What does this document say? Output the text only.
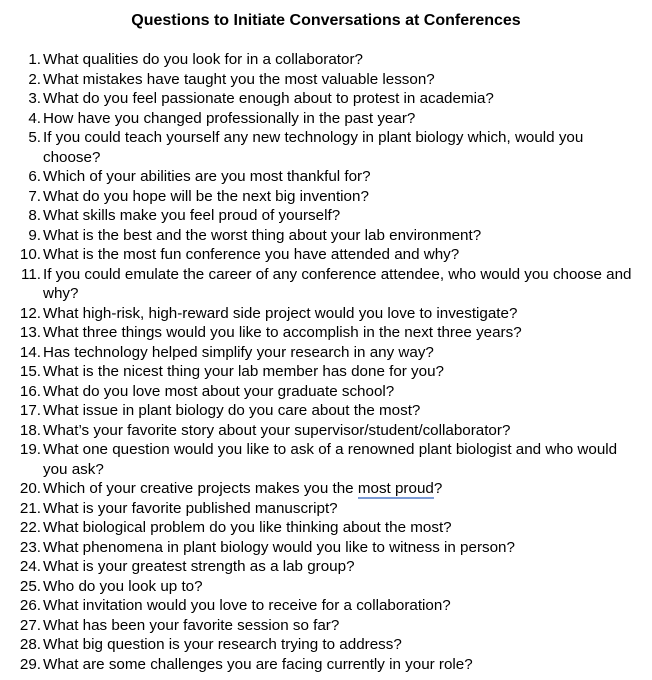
Questions to Initiate Conversations at Conferences
1. What qualities do you look for in a collaborator?
2. What mistakes have taught you the most valuable lesson?
3. What do you feel passionate enough about to protest in academia?
4. How have you changed professionally in the past year?
5. If you could teach yourself any new technology in plant biology which, would you choose?
6. Which of your abilities are you most thankful for?
7. What do you hope will be the next big invention?
8. What skills make you feel proud of yourself?
9. What is the best and the worst thing about your lab environment?
10. What is the most fun conference you have attended and why?
11. If you could emulate the career of any conference attendee, who would you choose and why?
12. What high-risk, high-reward side project would you love to investigate?
13. What three things would you like to accomplish in the next three years?
14. Has technology helped simplify your research in any way?
15. What is the nicest thing your lab member has done for you?
16. What do you love most about your graduate school?
17. What issue in plant biology do you care about the most?
18. What’s your favorite story about your supervisor/student/collaborator?
19. What one question would you like to ask of a renowned plant biologist and who would you ask?
20. Which of your creative projects makes you the most proud?
21. What is your favorite published manuscript?
22. What biological problem do you like thinking about the most?
23. What phenomena in plant biology would you like to witness in person?
24. What is your greatest strength as a lab group?
25. Who do you look up to?
26. What invitation would you love to receive for a collaboration?
27. What has been your favorite session so far?
28. What big question is your research trying to address?
29. What are some challenges you are facing currently in your role?
